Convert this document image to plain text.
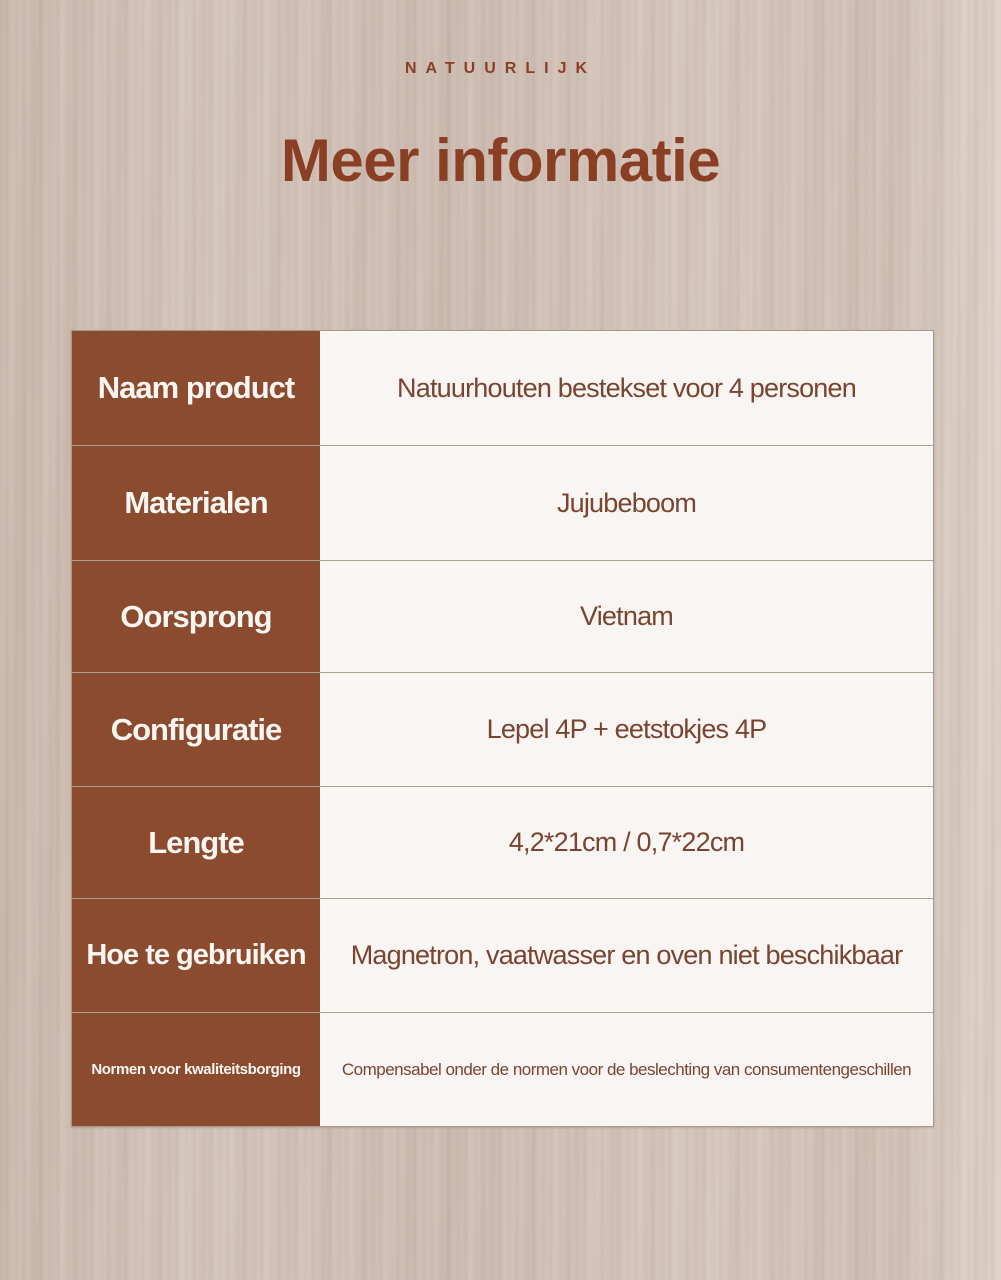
NATUURLIJK
Meer informatie
Naam product	Natuurhouten bestekset voor 4 personen
Materialen	Jujubeboom
Oorsprong	Vietnam
Configuratie	Lepel 4P + eetstokjes 4P
Lengte	4,2*21cm / 0,7*22cm
Hoe te gebruiken	Magnetron, vaatwasser en oven niet beschikbaar
Normen voor kwaliteitsborging	Compensabel onder de normen voor de beslechting van consumentengeschillen
